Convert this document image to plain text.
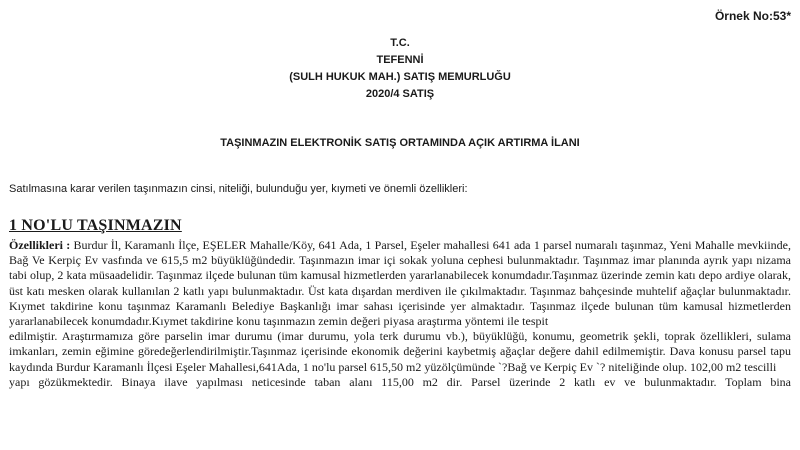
Örnek No:53*
T.C.
TEFENNİ
(SULH HUKUK MAH.) SATIŞ MEMURLUĞU
2020/4 SATIŞ
TAŞINMAZIN ELEKTRONİK SATIŞ ORTAMINDA AÇIK ARTIRMA İLANI
Satılmasına karar verilen taşınmazın cinsi, niteliği, bulunduğu yer, kıymeti ve önemli özellikleri:
1 NO'LU TAŞINMAZIN

Özellikleri : Burdur İl, Karamanlı İlçe, EŞELER Mahalle/Köy, 641 Ada, 1 Parsel, Eşeler mahallesi 641 ada 1 parsel numaralı taşınmaz, Yeni Mahalle mevkiinde, Bağ Ve Kerpiç Ev vasfında ve 615,5 m2 büyüklüğündedir. Taşınmazın imar içi sokak yoluna cephesi bulunmaktadır. Taşınmaz imar planında ayrık yapı nizama tabi olup, 2 kata müsaadelidir. Taşınmaz ilçede bulunan tüm kamusal hizmetlerden yararlanabilecek konumdadır.Taşınmaz üzerinde zemin katı depo ardiye olarak, üst katı mesken olarak kullanılan 2 katlı yapı bulunmaktadır. Üst kata dışardan merdiven ile çıkılmaktadır. Taşınmaz bahçesinde muhtelif ağaçlar bulunmaktadır. Kıymet takdirine konu taşınmaz Karamanlı Belediye Başkanlığı imar sahası içerisinde yer almaktadır. Taşınmaz ilçede bulunan tüm kamusal hizmetlerden yararlanabilecek konumdadır.Kıymet takdirine konu taşınmazın zemin değeri piyasa araştırma yöntemi ile tespit

edilmiştir. Araştırmamıza göre parselin imar durumu (imar durumu, yola terk durumu vb.), büyüklüğü, konumu, geometrik şekli, toprak özellikleri, sulama imkanları, zemin eğimine göredeğerlendirilmiştir.Taşınmaz içerisinde ekonomik değerini kaybetmiş ağaçlar değere dahil edilmemiştir. Dava konusu parsel tapu kaydında Burdur Karamanlı İlçesi Eşeler Mahallesi,641Ada, 1 no'lu parsel 615,50 m2 yüzölçümünde `?Bağ ve Kerpiç Ev `? niteliğinde olup. 102,00 m2 tescilli

yapı gözükmektedir. Binaya ilave yapılması neticesinde taban alanı 115,00 m2 dir. Parsel üzerinde 2 katlı ev ve bulunmaktadır. Toplam bina
